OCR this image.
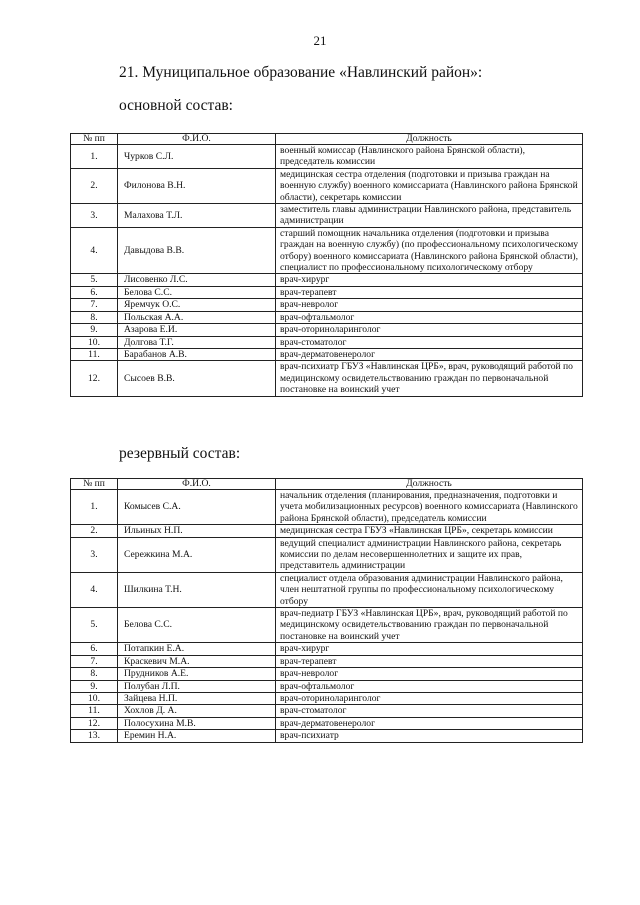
21
21. Муниципальное образование «Навлинский район»:
основной состав:
№ пп	Ф.И.О.	Должность
1.	Чурков С.Л.	военный комиссар (Навлинского района Брянской области), председатель комиссии
2.	Филонова В.Н.	медицинская сестра отделения (подготовки и призыва граждан на военную службу) военного комиссариата (Навлинского района Брянской области), секретарь комиссии
3.	Малахова Т.Л.	заместитель главы администрации Навлинского района, представитель администрации
4.	Давыдова В.В.	старший помощник начальника отделения (подготовки и призыва граждан на военную службу) (по профессиональному психологическому отбору) военного комиссариата (Навлинского района Брянской области), специалист по профессиональному психологическому отбору
5.	Лисовенко Л.С.	врач-хирург
6.	Белова С.С.	врач-терапевт
7.	Яремчук О.С.	врач-невролог
8.	Польская А.А.	врач-офтальмолог
9.	Азарова Е.И.	врач-оториноларинголог
10.	Долгова Т.Г.	врач-стоматолог
11.	Барабанов А.В.	врач-дерматовенеролог
12.	Сысоев В.В.	врач-психиатр ГБУЗ «Навлинская ЦРБ», врач, руководящий работой по медицинскому освидетельствованию граждан по первоначальной постановке на воинский учет
резервный состав:
№ пп	Ф.И.О.	Должность
1.	Комысев С.А.	начальник отделения (планирования, предназначения, подготовки и учета мобилизационных ресурсов) военного комиссариата (Навлинского района Брянской области), председатель комиссии
2.	Ильиных Н.П.	медицинская сестра ГБУЗ «Навлинская ЦРБ», секретарь комиссии
3.	Сережкина М.А.	ведущий специалист администрации Навлинского района, секретарь комиссии по делам несовершеннолетних и защите их прав, представитель администрации
4.	Шилкина Т.Н.	специалист отдела образования администрации Навлинского района, член нештатной группы по профессиональному психологическому отбору
5.	Белова С.С.	врач-педиатр ГБУЗ «Навлинская ЦРБ», врач, руководящий работой по медицинскому освидетельствованию граждан по первоначальной постановке на воинский учет
6.	Потапкин Е.А.	врач-хирург
7.	Краскевич М.А.	врач-терапевт
8.	Прудников А.Е.	врач-невролог
9.	Полубан Л.П.	врач-офтальмолог
10.	Зайцева Н.П.	врач-оториноларинголог
11.	Хохлов Д. А.	врач-стоматолог
12.	Полосухина М.В.	врач-дерматовенеролог
13.	Еремин Н.А.	врач-психиатр
